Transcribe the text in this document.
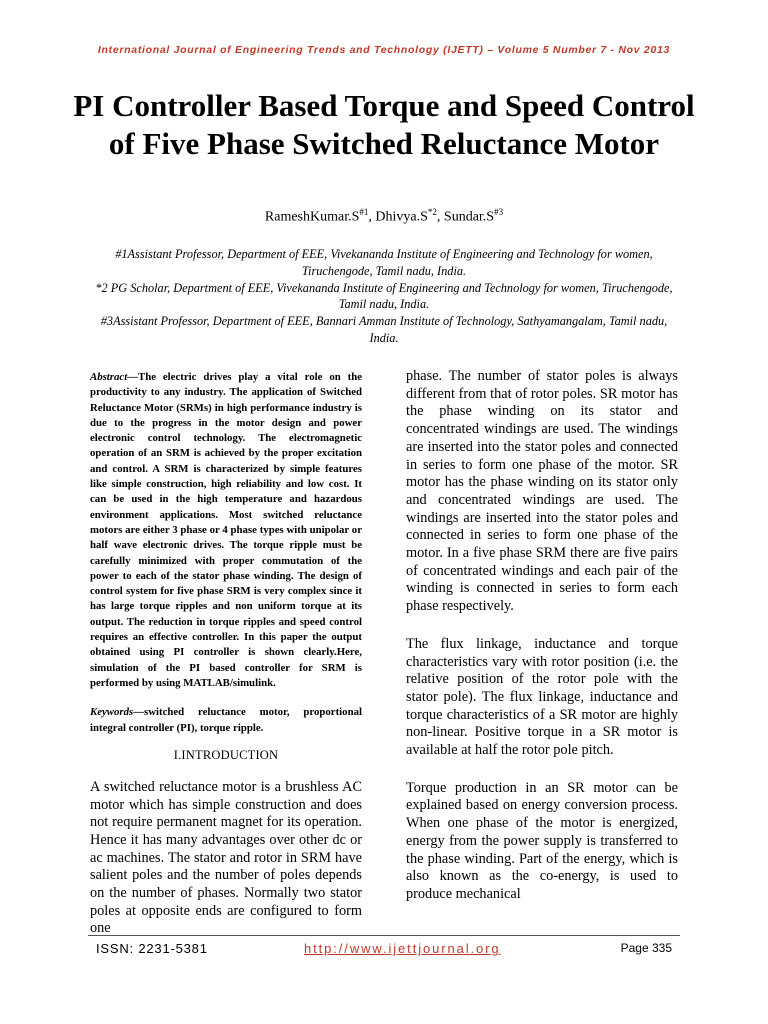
International Journal of Engineering Trends and Technology (IJETT) – Volume 5 Number 7 - Nov 2013
PI Controller Based Torque and Speed Control of Five Phase Switched Reluctance Motor
$RameshKumar.S^{\#1}$, $Dhivya.S^{*2}$, $Sundar.S^{\#3}$

#1Assistant Professor, Department of EEE, Vivekananda Institute of Engineering and Technology for women, Tiruchengode, Tamil nadu, India.

*2 PG Scholar, Department of EEE, Vivekananda Institute of Engineering and Technology for women, Tiruchengode, Tamil nadu, India.

#3Assistant Professor, Department of EEE, Bannari Amman Institute of Technology, Sathyamangalam, Tamil nadu, India.

Abstract—The electric drives play a vital role on the productivity to any industry. The application of Switched Reluctance Motor (SRMs) in high performance industry is due to the progress in the motor design and power electronic control technology. The electromagnetic operation of an SRM is achieved by the proper excitation and control. A SRM is characterized by simple features like simple construction, high reliability and low cost. It can be used in the high temperature and hazardous environment applications. Most switched reluctance motors are either 3 phase or 4 phase types with unipolar or half wave electronic drives. The torque ripple must be carefully minimized with proper commutation of the power to each of the stator phase winding. The design of control system for five phase SRM is very complex since it has large torque ripples and non uniform torque at its output. The reduction in torque ripples and speed control requires an effective controller. In this paper the output obtained using PI controller is shown clearly.Here, simulation of the PI based controller for SRM is performed by using MATLAB/simulink.

Keywords—switched reluctance motor, proportional integral controller (PI), torque ripple.

I.INTRODUCTION

A switched reluctance motor is a brushless AC motor which has simple construction and does not require permanent magnet for its operation. Hence it has many advantages over other dc or ac machines. The stator and rotor in SRM have salient poles and the number of poles depends on the number of phases. Normally two stator poles at opposite ends are configured to form one

phase. The number of stator poles is always different from that of rotor poles. SR motor has the phase winding on its stator and concentrated windings are used. The windings are inserted into the stator poles and connected in series to form one phase of the motor. SR motor has the phase winding on its stator only and concentrated windings are used. The windings are inserted into the stator poles and connected in series to form one phase of the motor. In a five phase SRM there are five pairs of concentrated windings and each pair of the winding is connected in series to form each phase respectively.

The flux linkage, inductance and torque characteristics vary with rotor position (i.e. the relative position of the rotor pole with the stator pole). The flux linkage, inductance and torque characteristics of a SR motor are highly non-linear. Positive torque in a SR motor is available at half the rotor pole pitch.

Torque production in an SR motor can be explained based on energy conversion process. When one phase of the motor is energized, energy from the power supply is transferred to the phase winding. Part of the energy, which is also known as the co-energy, is used to produce mechanical

ISSN: 2231-5381	http://www.ijettjournal.org	Page 335
